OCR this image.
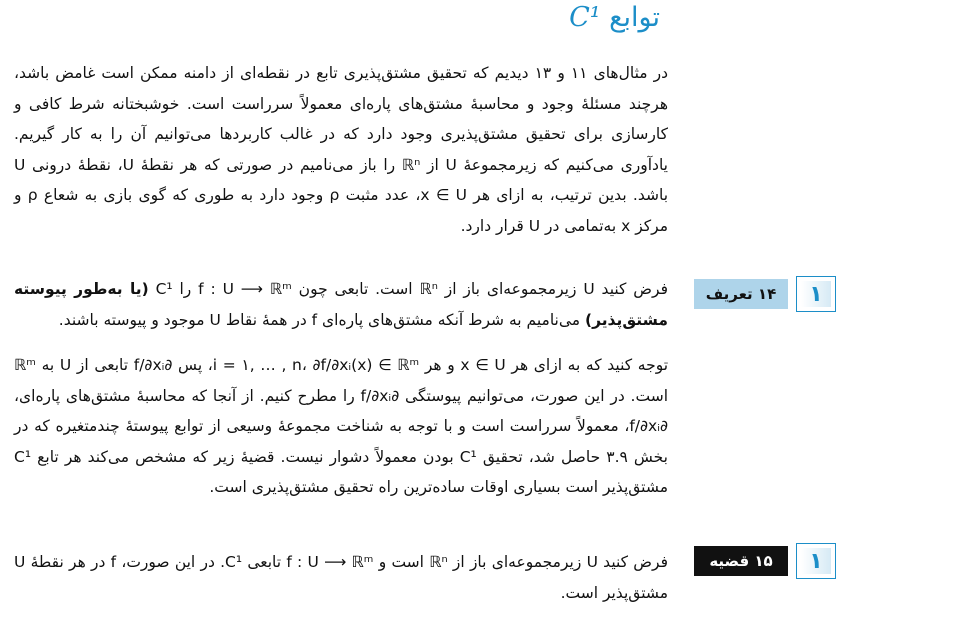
توابع C¹
در مثال‌های ۱۱ و ۱۳ دیدیم که تحقیق مشتق‌پذیری تابع در نقطه‌ای از دامنه ممکن است غامض باشد، هرچند مسئلهٔ وجود و محاسبهٔ مشتق‌های پاره‌ای معمولاً سرراست است. خوشبختانه شرط کافی و کارسازی برای تحقیق مشتق‌پذیری وجود دارد که در غالب کاربردها می‌توانیم آن را به کار گیریم. یادآوری می‌کنیم که زیرمجموعهٔ U از ℝⁿ را باز می‌نامیم در صورتی که هر نقطهٔ U، نقطهٔ درونی U باشد. بدین ترتیب، به ازای هر x ∈ U، عدد مثبت ρ وجود دارد به طوری که گوی بازی به شعاع ρ و مرکز x به‌تمامی در U قرار دارد.
۱
۱۴ تعریف
فرض کنید U زیرمجموعه‌ای باز از ℝⁿ است. تابعی چون f : U ⟶ ℝᵐ را C¹ (یا به‌طور پیوسته مشتق‌پذیر) می‌نامیم به شرط آنکه مشتق‌های پاره‌ای f در همهٔ نقاط U موجود و پیوسته باشند.
توجه کنید که به ازای هر x ∈ U و هر i = ۱, … , n، ∂f/∂xᵢ(x) ∈ ℝᵐ، پس ∂f/∂xᵢ تابعی از U به ℝᵐ است. در این صورت، می‌توانیم پیوستگی ∂f/∂xᵢ را مطرح کنیم. از آنجا که محاسبهٔ مشتق‌های پاره‌ای، ∂f/∂xᵢ، معمولاً سرراست است و با توجه به شناخت مجموعهٔ وسیعی از توابع پیوستهٔ چندمتغیره که در بخش ۳.۹ حاصل شد، تحقیق C¹ بودن معمولاً دشوار نیست. قضیهٔ زیر که مشخص می‌کند هر تابع C¹ مشتق‌پذیر است بسیاری اوقات ساده‌ترین راه تحقیق مشتق‌پذیری است.
۱
۱۵ قضیه
فرض کنید U زیرمجموعه‌ای باز از ℝⁿ است و f : U ⟶ ℝᵐ تابعی C¹. در این صورت، f در هر نقطهٔ U مشتق‌پذیر است.
